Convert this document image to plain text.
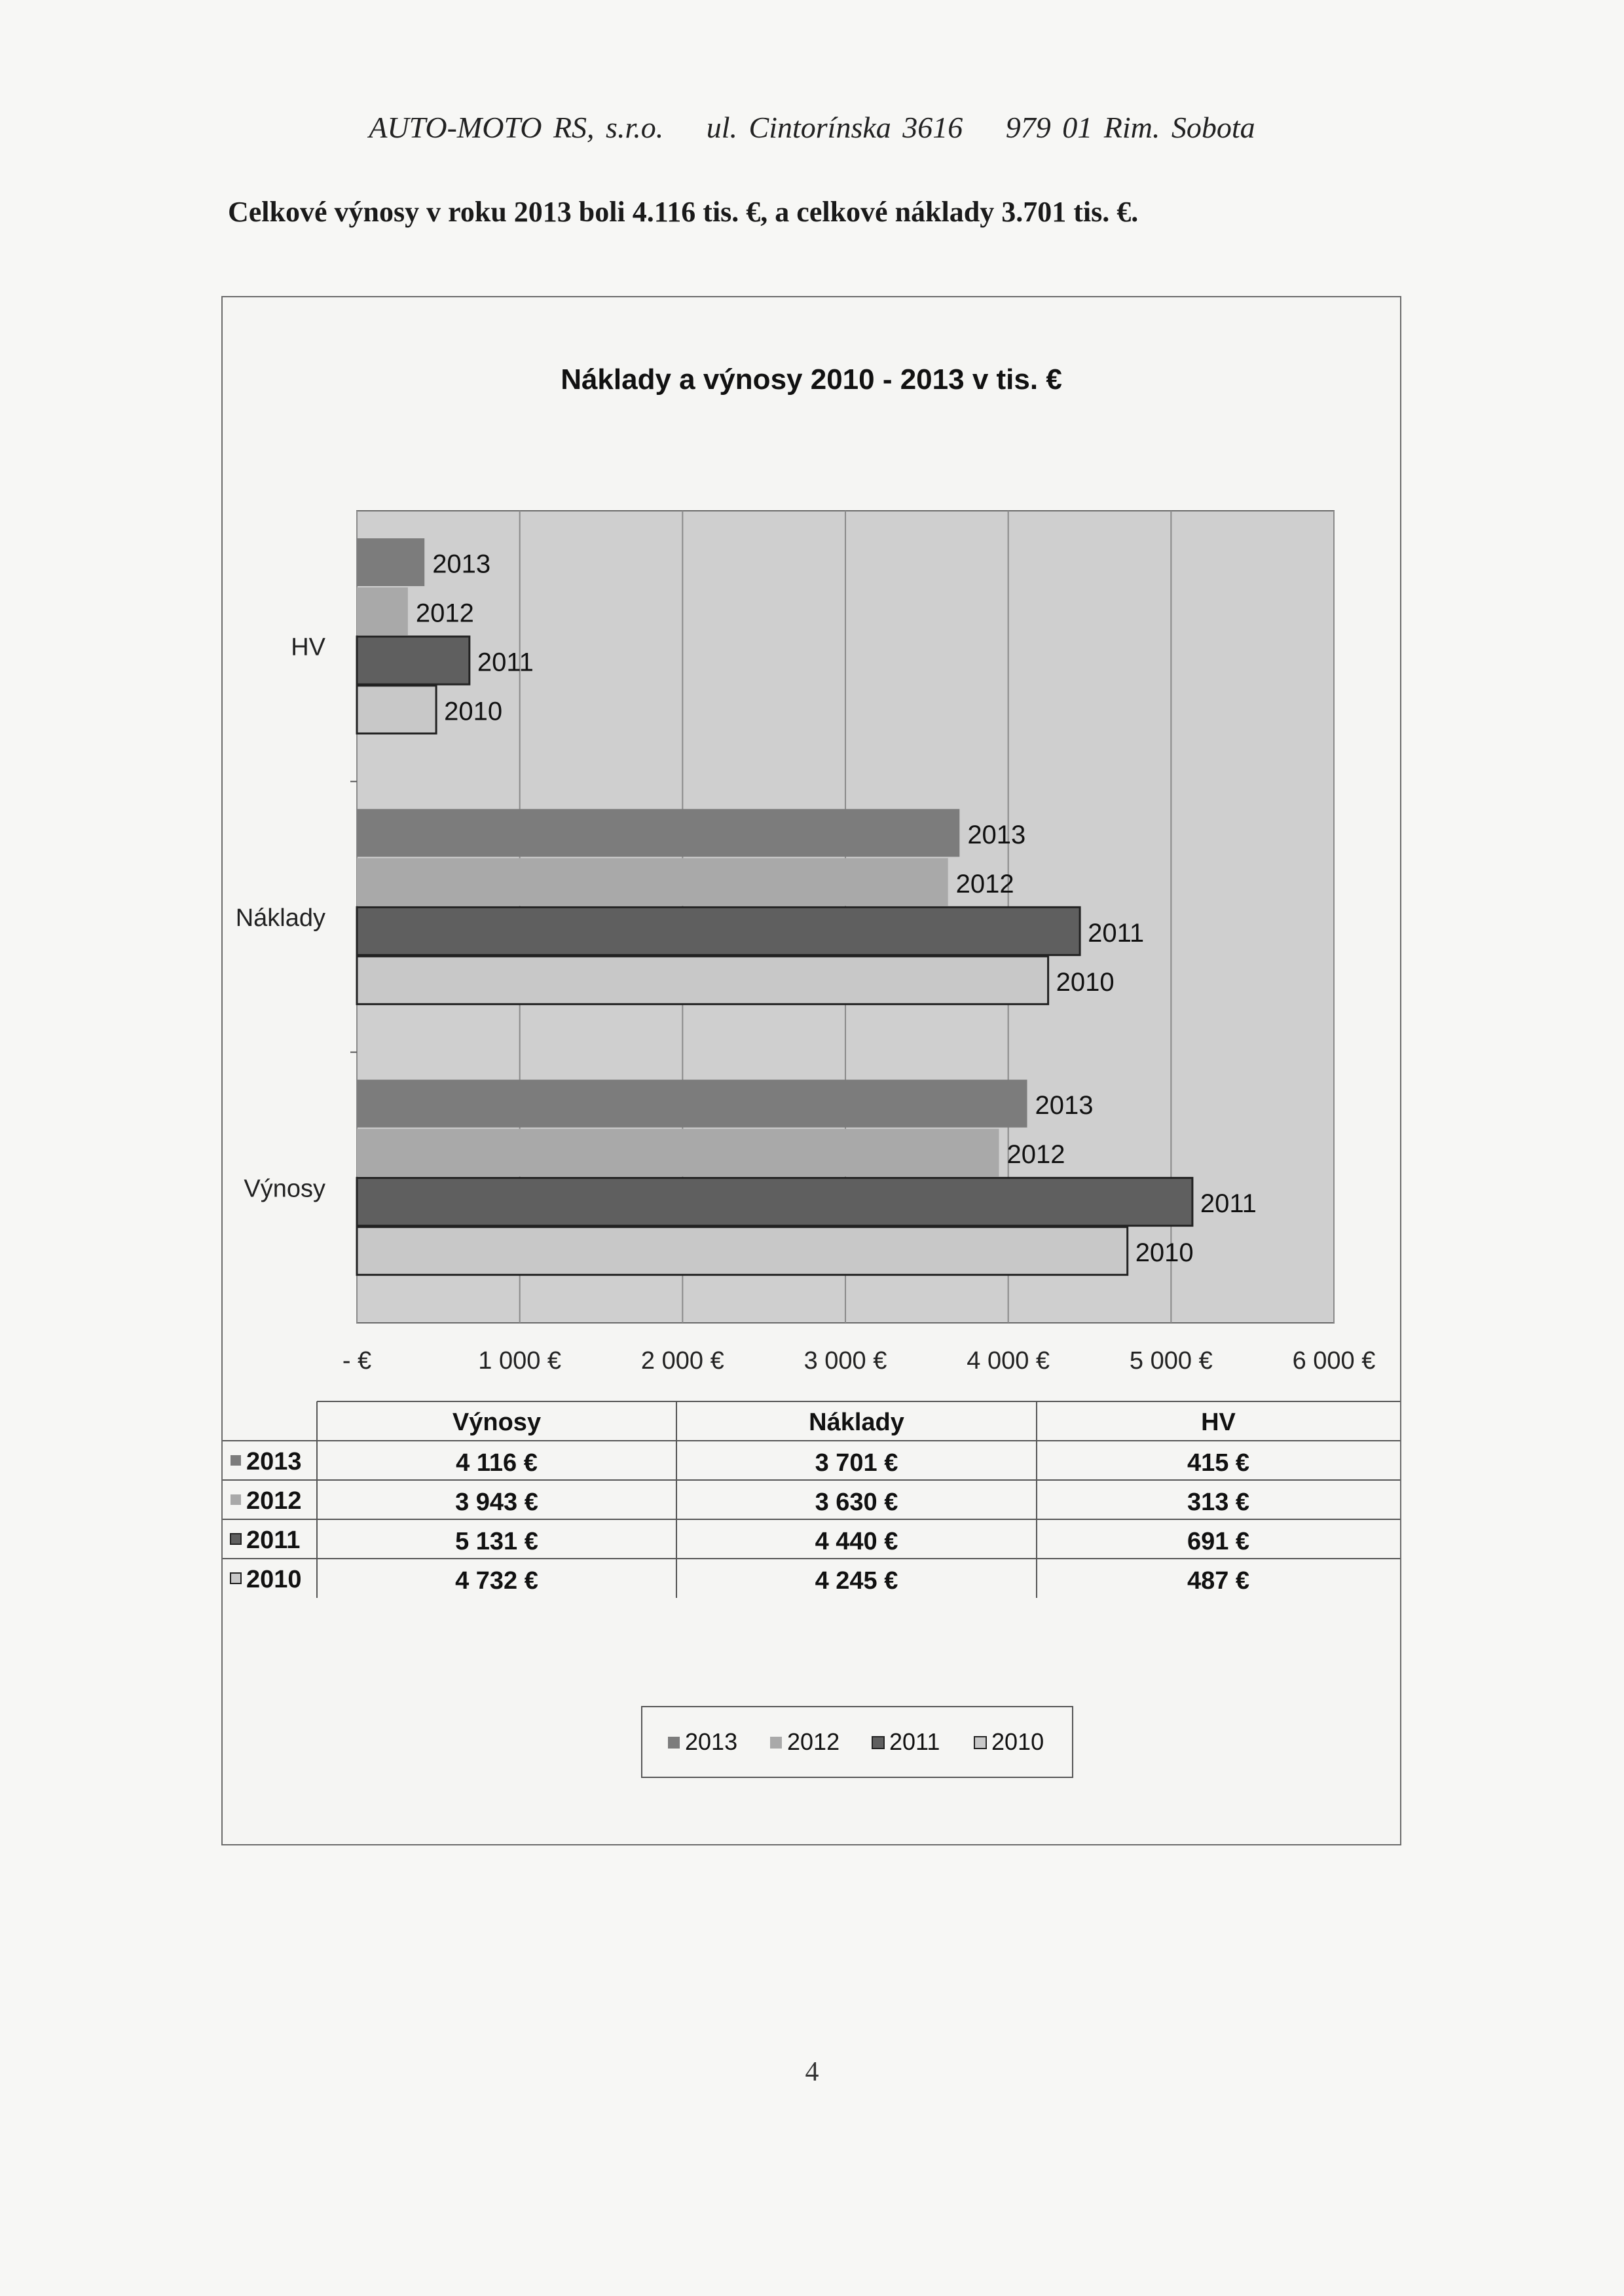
AUTO-MOTO RS, s.r.o. ul. Cintorínska 3616 979 01 Rim. Sobota
Celkové výnosy v roku 2013 boli 4.116 tis. €, a celkové náklady 3.701 tis. €.
Náklady a výnosy 2010 - 2013 v tis. €
HV
2013
2012
2011
2010
Náklady
2013
2012
2011
2010
Výnosy
2013
2012
2011
2010
- €	1 000 €	2 000 €	3 000 €	4 000 €	5 000 €	6 000 €
Výnosy	Náklady	HV
2013	4 116 €	3 701 €	415 €
2012	3 943 €	3 630 €	313 €
2011	5 131 €	4 440 €	691 €
2010	4 732 €	4 245 €	487 €
2013 2012 2011 2010
4
